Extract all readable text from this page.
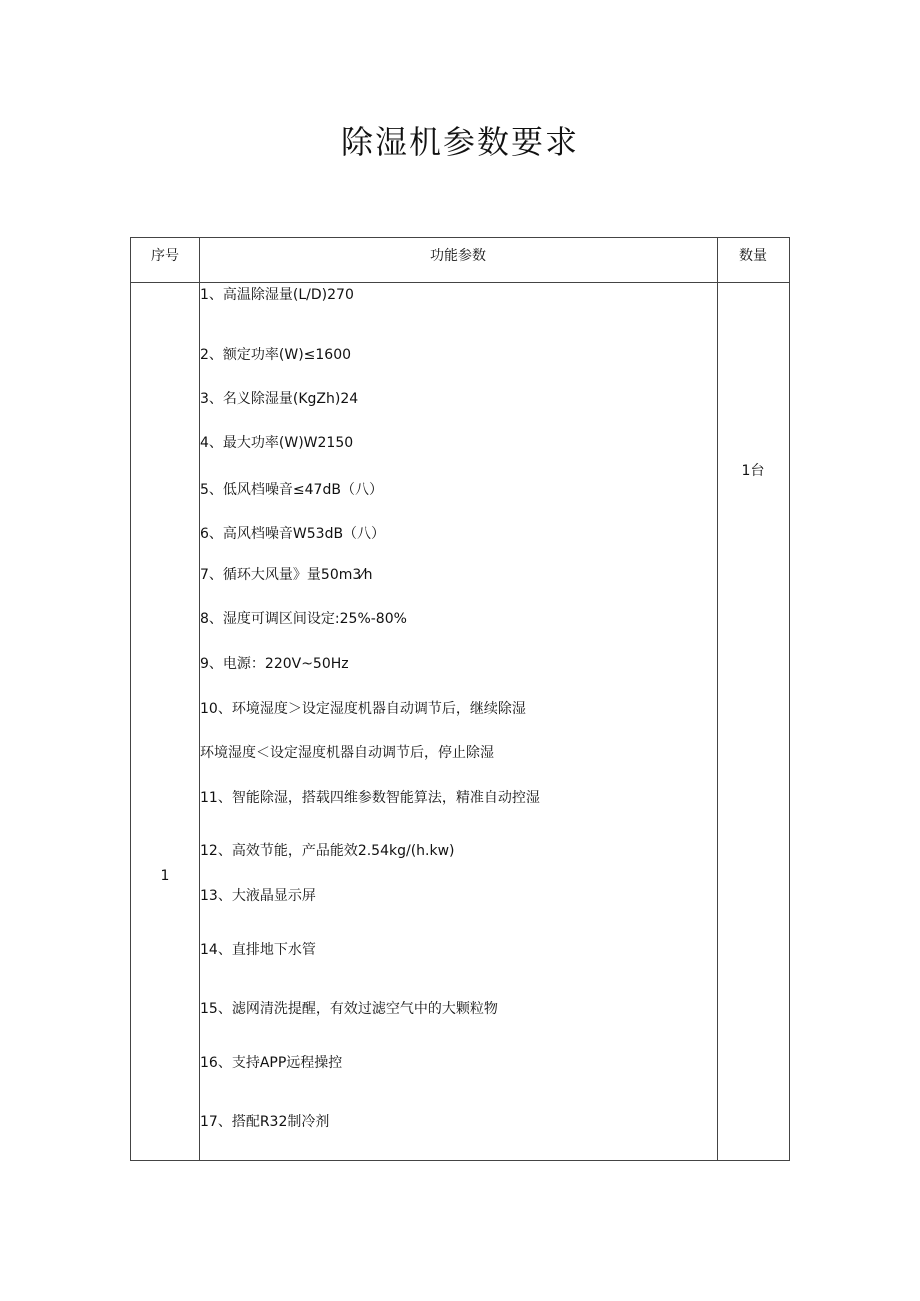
除湿机参数要求
序号	功能参数	数量
1
1台
1、高温除湿量(L/D)270
2、额定功率(W)≤1600
3、名义除湿量(KgZh)24
4、最大功率(W)W2150
5、低风档噪音≤47dB（八）
6、高风档噪音W53dB（八）
7、循环大风量》量50m3⁄h
8、湿度可调区间设定:25%-80%
9、电源：220V~50Hz
10、环境湿度＞设定湿度机器自动调节后，继续除湿
环境湿度＜设定湿度机器自动调节后，停止除湿
11、智能除湿，搭载四维参数智能算法，精准自动控湿
12、高效节能，产品能效2.54kg/(h.kw)
13、大液晶显示屏
14、直排地下水管
15、滤网清洗提醒，有效过滤空气中的大颗粒物
16、支持APP远程操控
17、搭配R32制冷剂
